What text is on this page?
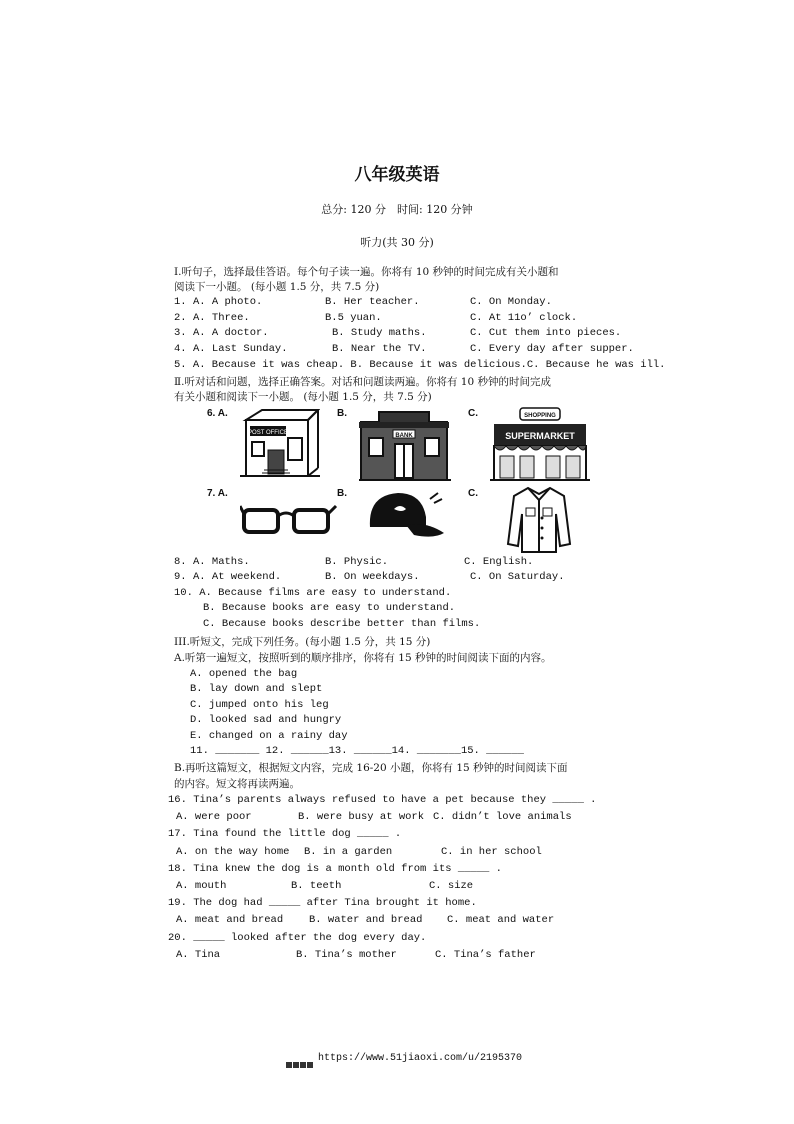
八年级英语
总分: 120 分　时间: 120 分钟
听力(共 30 分)
I.听句子，选择最佳答语。每个句子读一遍。你将有 10 秒钟的时间完成有关小题和
阅读下一小题。 (每小题 1.5 分，共 7.5 分)
1. A. A photo.	B. Her teacher.	C. On Monday.
2. A. Three.	B.5 yuan.	C. At 11o’ clock.
3. A. A doctor.	B. Study maths.	C. Cut them into pieces.
4. A. Last Sunday.	B. Near the TV.	C. Every day after supper.
5. A. Because it was cheap. B. Because it was delicious.C. Because he was ill.
Ⅱ.听对话和问题，选择正确答案。对话和问题读两遍。你将有 10 秒钟的时间完成
有关小题和阅读下一小题。 (每小题 1.5 分，共 7.5 分)
6. A.	B.	C.
7. A.	B.	C.
POST OFFICE	BANK
SHOPPING
SUPERMARKET
8. A. Maths.	B. Physic.	C. English.
9. A. At weekend.	B. On weekdays.	C. On Saturday.
10. A. Because films are easy to understand.
B. Because books are easy to understand.
C. Because books describe better than films.
III.听短文，完成下列任务。(每小题 1.5 分，共 15 分)
A.听第一遍短文，按照听到的顺序排序，你将有 15 秒钟的时间阅读下面的内容。
A. opened the bag
B. lay down and slept
C. jumped onto his leg
D. looked sad and hungry
E. changed on a rainy day
11. _______ 12. ______13. ______14. _______15. ______
B.再听这篇短文，根据短文内容，完成 16-20 小题，你将有 15 秒钟的时间阅读下面
的内容。短文将再读两遍。
16. Tina’s parents always refused to have a pet because they _____ .
A. were poor	B. were busy at work C. didn’t love animals
17. Tina found the little dog _____ .
A. on the way home B. in a garden	C. in her school
18. Tina knew the dog is a month old from its _____ .
A. mouth	B. teeth	C. size
19. The dog had _____ after Tina brought it home.
A. meat and bread B. water and bread C. meat and water
20. _____ looked after the dog every day.
A. Tina	B. Tina’s mother	C. Tina’s father
https://www.51jiaoxi.com/u/2195370
